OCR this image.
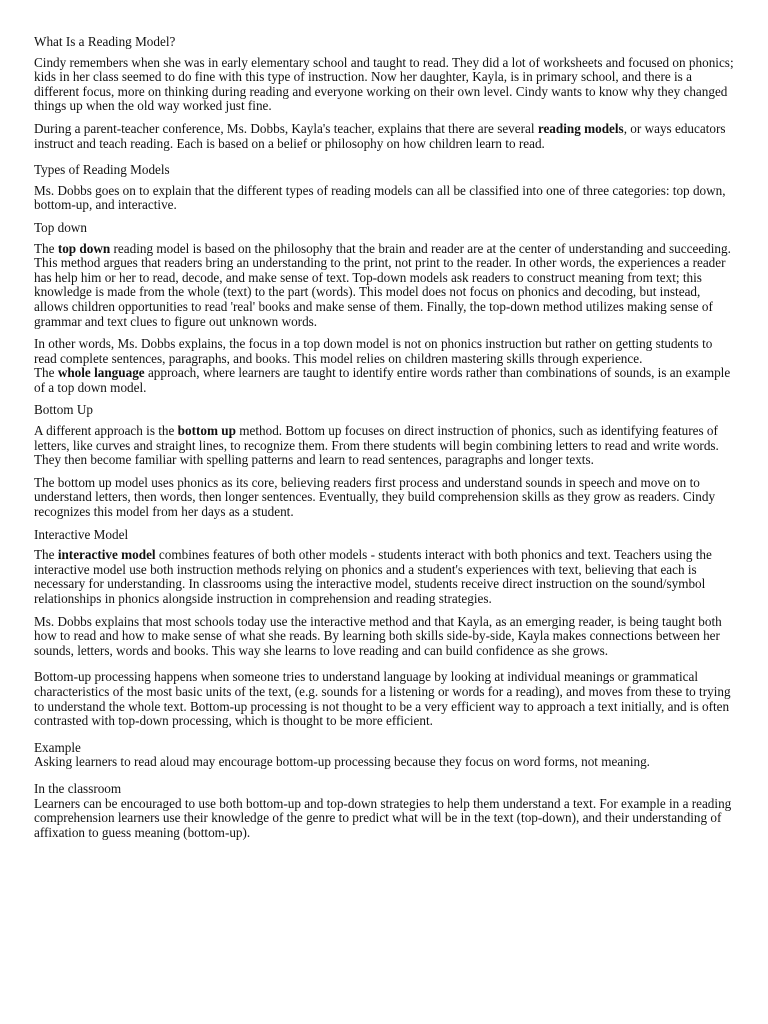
What Is a Reading Model?

Cindy remembers when she was in early elementary school and taught to read. They did a lot of worksheets and focused on phonics; kids in her class seemed to do fine with this type of instruction. Now her daughter, Kayla, is in primary school, and there is a different focus, more on thinking during reading and everyone working on their own level. Cindy wants to know why they changed things up when the old way worked just fine.

During a parent-teacher conference, Ms. Dobbs, Kayla's teacher, explains that there are several reading models, or ways educators instruct and teach reading. Each is based on a belief or philosophy on how children learn to read.

Types of Reading Models

Ms. Dobbs goes on to explain that the different types of reading models can all be classified into one of three categories: top down, bottom-up, and interactive.

Top down

The top down reading model is based on the philosophy that the brain and reader are at the center of understanding and succeeding. This method argues that readers bring an understanding to the print, not print to the reader. In other words, the experiences a reader has help him or her to read, decode, and make sense of text. Top-down models ask readers to construct meaning from text; this knowledge is made from the whole (text) to the part (words). This model does not focus on phonics and decoding, but instead, allows children opportunities to read 'real' books and make sense of them. Finally, the top-down method utilizes making sense of grammar and text clues to figure out unknown words.

In other words, Ms. Dobbs explains, the focus in a top down model is not on phonics instruction but rather on getting students to read complete sentences, paragraphs, and books. This model relies on children mastering skills through experience.

The whole language approach, where learners are taught to identify entire words rather than combinations of sounds, is an example of a top down model.

Bottom Up

A different approach is the bottom up method. Bottom up focuses on direct instruction of phonics, such as identifying features of letters, like curves and straight lines, to recognize them. From there students will begin combining letters to read and write words. They then become familiar with spelling patterns and learn to read sentences, paragraphs and longer texts.

The bottom up model uses phonics as its core, believing readers first process and understand sounds in speech and move on to understand letters, then words, then longer sentences. Eventually, they build comprehension skills as they grow as readers. Cindy recognizes this model from her days as a student.

Interactive Model

The interactive model combines features of both other models - students interact with both phonics and text. Teachers using the interactive model use both instruction methods relying on phonics and a student's experiences with text, believing that each is necessary for understanding. In classrooms using the interactive model, students receive direct instruction on the sound/symbol relationships in phonics alongside instruction in comprehension and reading strategies.

Ms. Dobbs explains that most schools today use the interactive method and that Kayla, as an emerging reader, is being taught both how to read and how to make sense of what she reads. By learning both skills side-by-side, Kayla makes connections between her sounds, letters, words and books. This way she learns to love reading and can build confidence as she grows.

Bottom-up processing happens when someone tries to understand language by looking at individual meanings or grammatical characteristics of the most basic units of the text, (e.g. sounds for a listening or words for a reading), and moves from these to trying to understand the whole text. Bottom-up processing is not thought to be a very efficient way to approach a text initially, and is often contrasted with top-down processing, which is thought to be more efficient.

Example

Asking learners to read aloud may encourage bottom-up processing because they focus on word forms, not meaning.

In the classroom

Learners can be encouraged to use both bottom-up and top-down strategies to help them understand a text. For example in a reading comprehension learners use their knowledge of the genre to predict what will be in the text (top-down), and their understanding of affixation to guess meaning (bottom-up).
